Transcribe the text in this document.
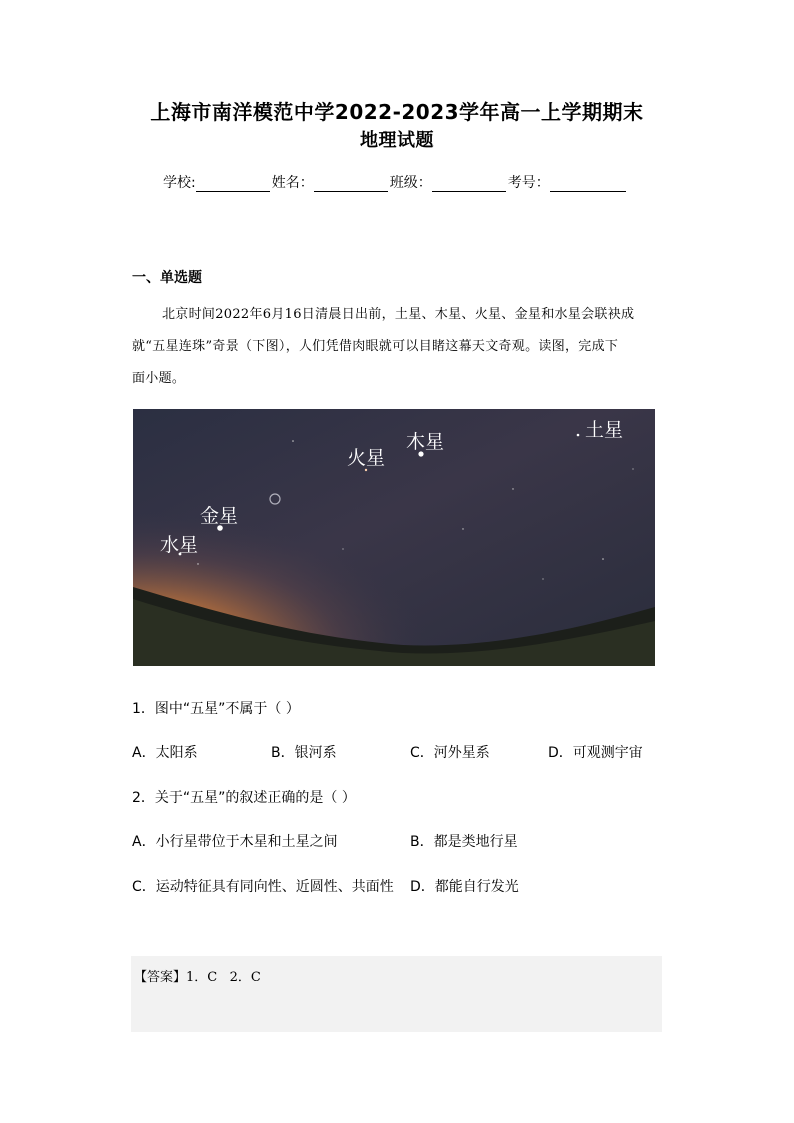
上海市南洋模范中学2022-2023学年高一上学期期末
地理试题
学校:	姓名：	班级：	考号：
一、单选题
北京时间2022年6月16日清晨日出前，土星、木星、火星、金星和水星会联袂成
就“五星连珠”奇景（下图），人们凭借肉眼就可以目睹这幕天文奇观。读图，完成下
面小题。
土星
木星
火星
金星
水星
1．图中“五星”不属于（ ）
A．太阳系	B．银河系	C．河外星系	D．可观测宇宙
2．关于“五星”的叙述正确的是（ ）
A．小行星带位于木星和土星之间	B．都是类地行星
C．运动特征具有同向性、近圆性、共面性 D．都能自行发光
【答案】1．C   2．C
